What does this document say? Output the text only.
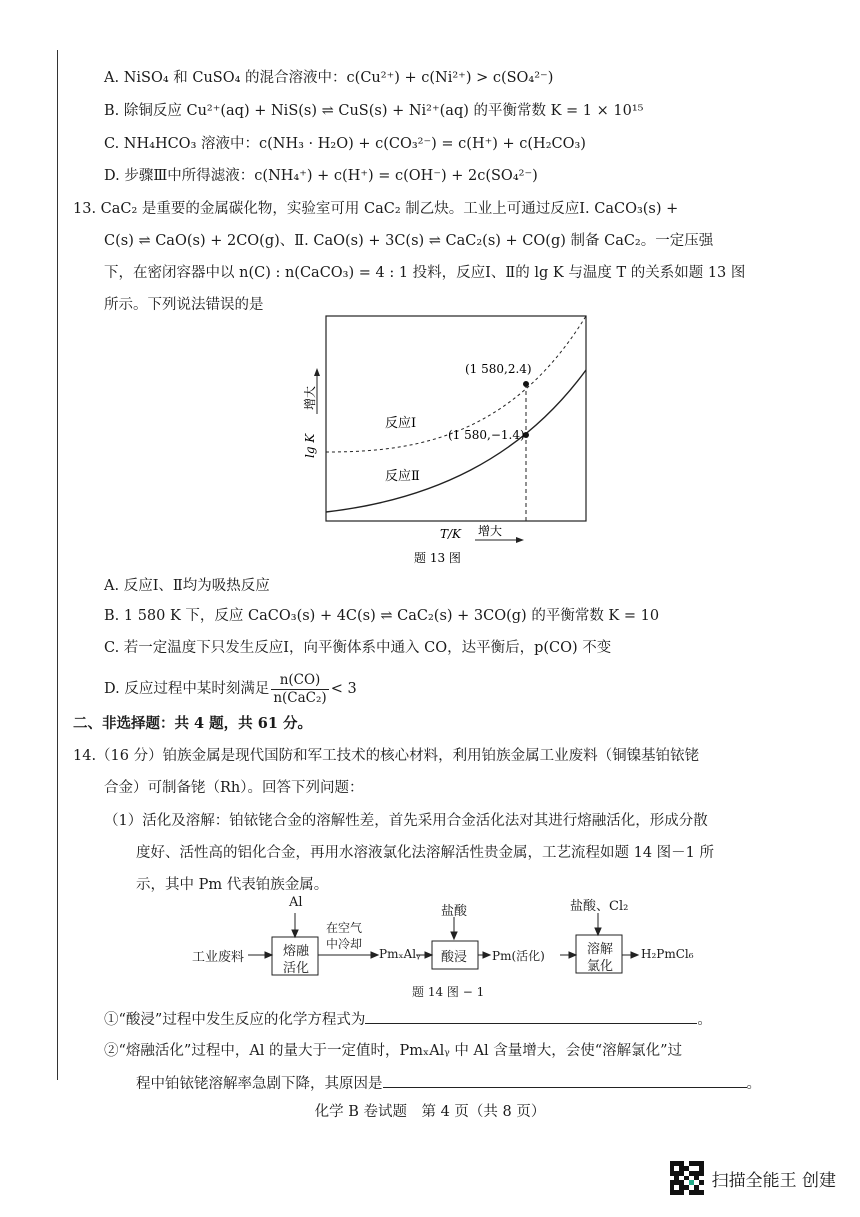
A. NiSO₄ 和 CuSO₄ 的混合溶液中：c(Cu²⁺) + c(Ni²⁺) > c(SO₄²⁻)
B. 除铜反应 Cu²⁺(aq) + NiS(s) ⇌ CuS(s) + Ni²⁺(aq) 的平衡常数 K = 1 × 10¹⁵
C. NH₄HCO₃ 溶液中：c(NH₃ · H₂O) + c(CO₃²⁻) = c(H⁺) + c(H₂CO₃)
D. 步骤Ⅲ中所得滤液：c(NH₄⁺) + c(H⁺) = c(OH⁻) + 2c(SO₄²⁻)
13. CaC₂ 是重要的金属碳化物，实验室可用 CaC₂ 制乙炔。工业上可通过反应Ⅰ. CaCO₃(s) +
C(s) ⇌ CaO(s) + 2CO(g)、Ⅱ. CaO(s) + 3C(s) ⇌ CaC₂(s) + CO(g) 制备 CaC₂。一定压强
下，在密闭容器中以 n(C) : n(CaCO₃) = 4 : 1 投料，反应Ⅰ、Ⅱ的 lg K 与温度 T 的关系如题 13 图
所示。下列说法错误的是
(1 580,2.4)
(1 580,−1.4)
反应Ⅰ
反应Ⅱ
lg K
增大
T/K 增大
题 13 图
A. 反应Ⅰ、Ⅱ均为吸热反应
B. 1 580 K 下，反应 CaCO₃(s) + 4C(s) ⇌ CaC₂(s) + 3CO(g) 的平衡常数 K = 10
C. 若一定温度下只发生反应Ⅰ，向平衡体系中通入 CO，达平衡后，p(CO) 不变
D. 反应过程中某时刻满足 $\frac{n(CO)}{\text{n(CaC₂)}} < 3$
二、非选择题：共 4 题，共 61 分。
14.（16 分）铂族金属是现代国防和军工技术的核心材料，利用铂族金属工业废料（铜镍基铂铱铑
合金）可制备铑（Rh）。回答下列问题：
（1）活化及溶解：铂铱铑合金的溶解性差，首先采用合金活化法对其进行熔融活化，形成分散
度好、活性高的铝化合金，再用水溶液氯化法溶解活性贵金属，工艺流程如题 14 图－1 所
示，其中 Pm 代表铂族金属。
工业废料
Al
熔融
活化
在空气
中冷却
PmₓAlᵧ
盐酸
酸浸 Pm(活化)
盐酸、Cl₂
溶解
氯化
H₂PmCl₆
题 14 图 − 1
①“酸浸”过程中发生反应的化学方程式为	。
②“熔融活化”过程中，Al 的量大于一定值时，PmₓAlᵧ 中 Al 含量增大，会使“溶解氯化”过
程中铂铱铑溶解率急剧下降，其原因是	。
化学 B 卷试题　第 4 页（共 8 页）
扫描全能王 创建
